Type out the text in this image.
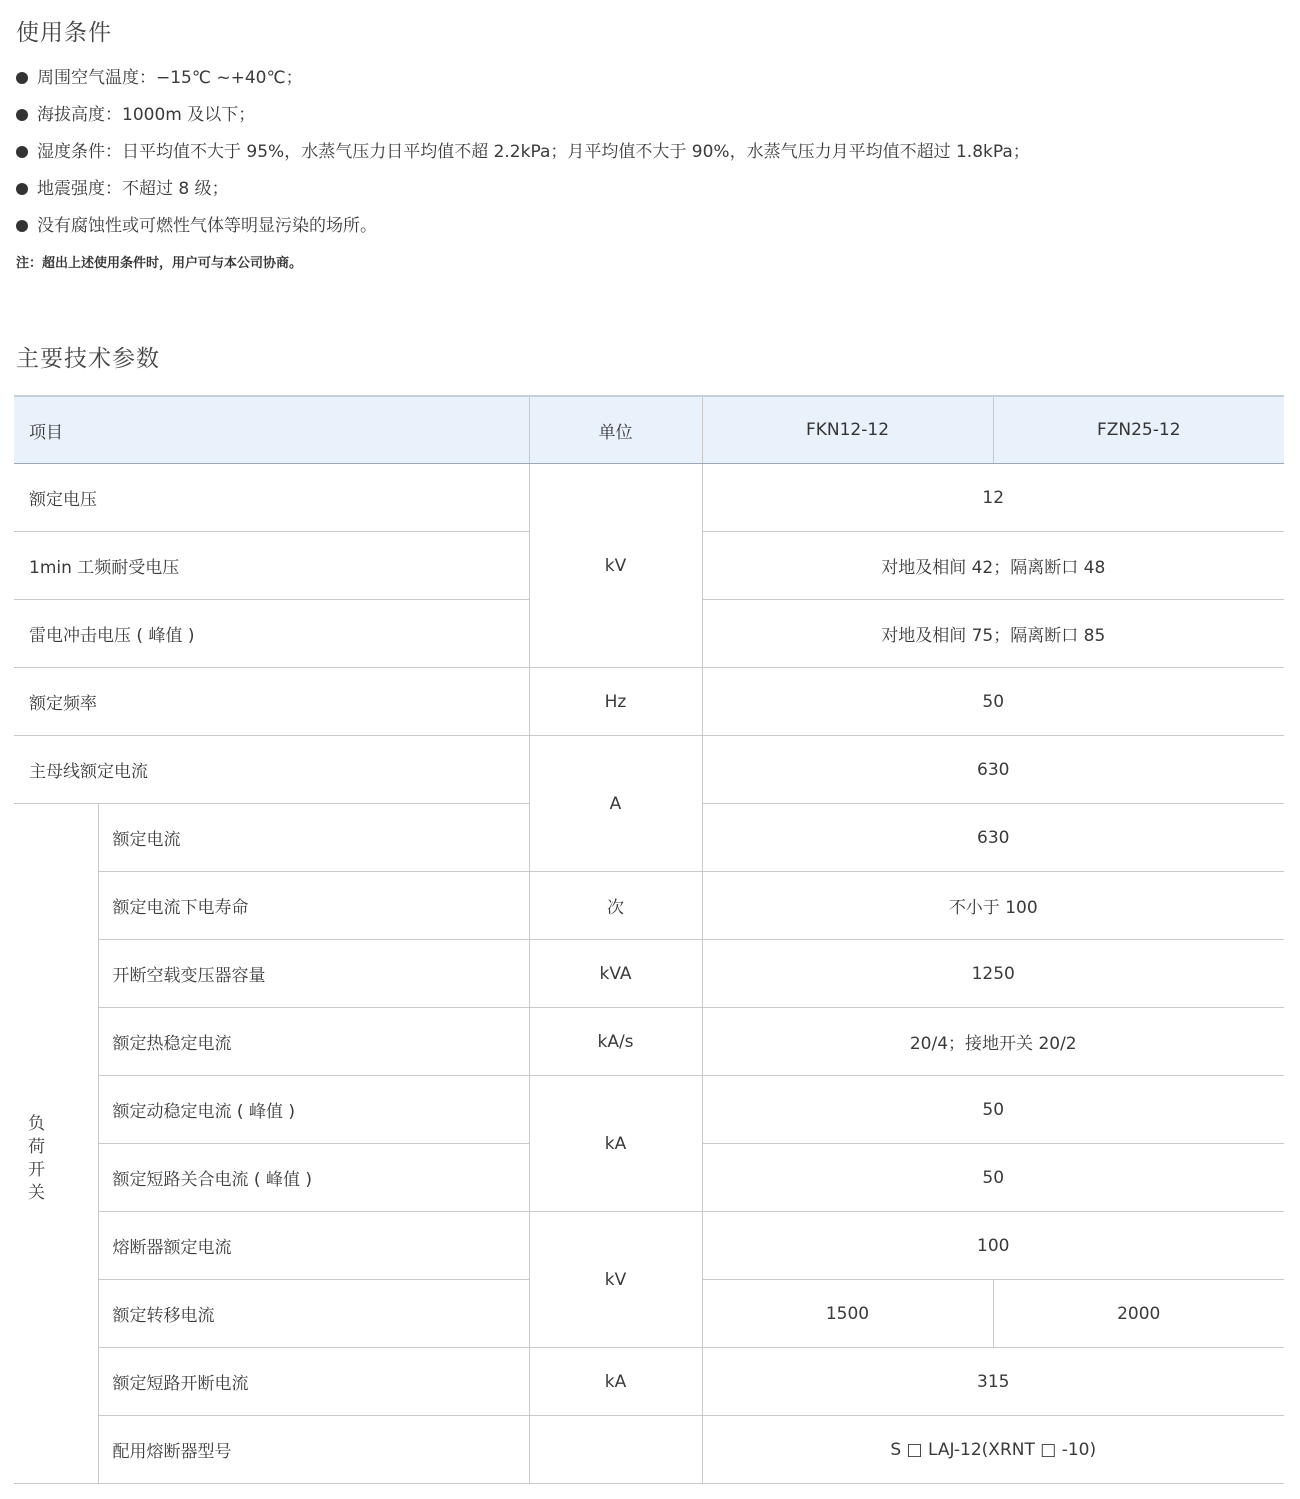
使用条件
周围空气温度：−15℃ ~+40℃；
海拔高度：1000m 及以下；
湿度条件：日平均值不大于 95%，水蒸气压力日平均值不超 2.2kPa；月平均值不大于 90%，水蒸气压力月平均值不超过 1.8kPa；
地震强度：不超过 8 级；
没有腐蚀性或可燃性气体等明显污染的场所。

注：超出上述使用条件时，用户可与本公司协商。

主要技术参数
项目		单位	FKN12-12	FZN25-12
额定电压		kV	12	
1min 工频耐受电压			对地及相间 42；隔离断口 48	
雷电冲击电压 ( 峰值 )			对地及相间 75；隔离断口 85	
额定频率		Hz	50	
主母线额定电流		A	630	
负荷开关	额定电流		630	
	额定电流下电寿命	次	不小于 100	
	开断空载变压器容量	kVA	1250	
	额定热稳定电流	kA/s	20/4；接地开关 20/2	
	额定动稳定电流 ( 峰值 )	kA	50	
	额定短路关合电流 ( 峰值 )		50	
	熔断器额定电流	kV	100	
	额定转移电流		1500	2000
	额定短路开断电流	kA	315	
	配用熔断器型号		S □ LAJ-12(XRNT □ -10)	
